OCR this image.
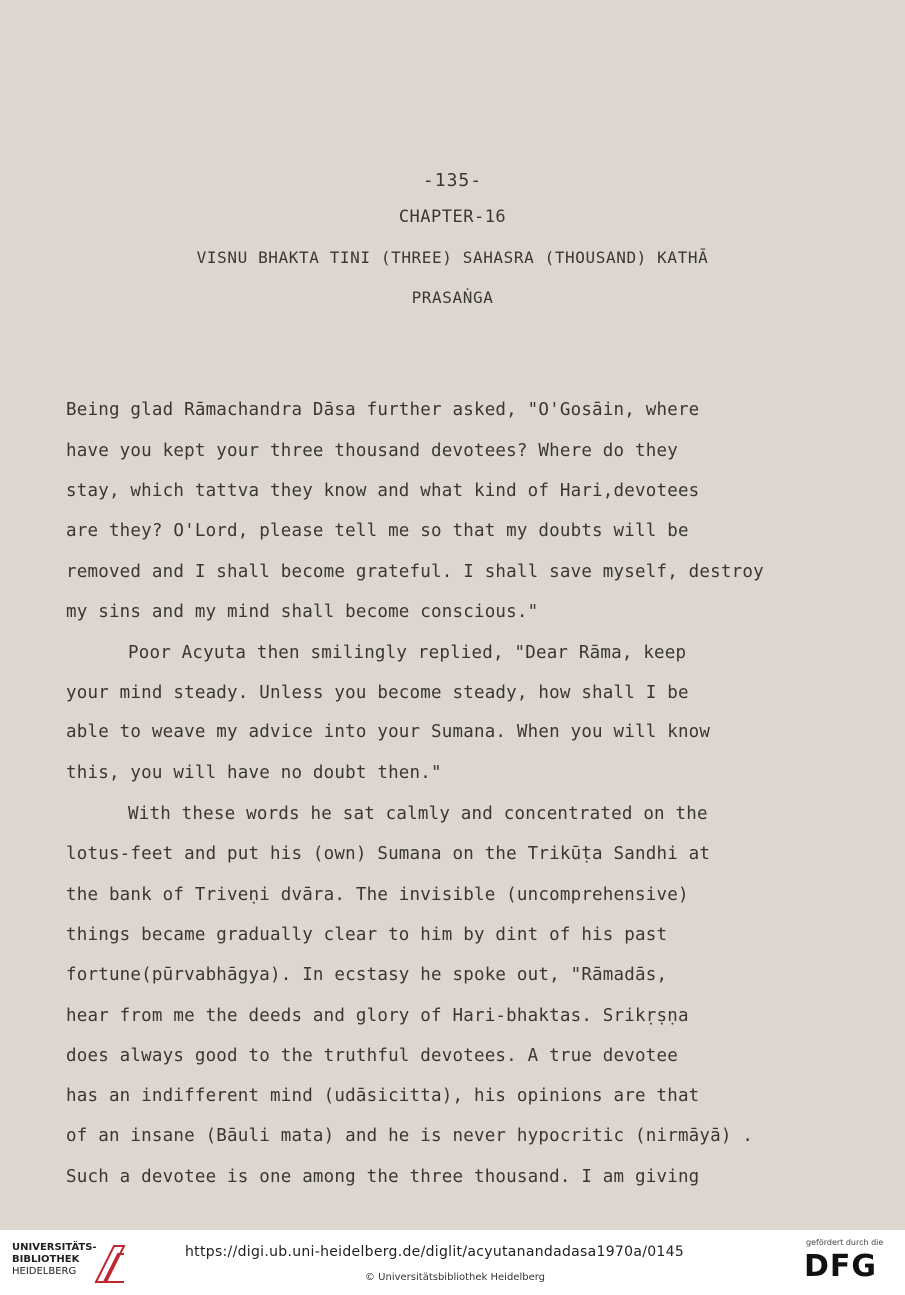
-135-
CHAPTER-16
VISNU BHAKTA TINI (THREE) SAHASRA (THOUSAND) KATHĀ
PRASAṄGA
Being glad Rāmachandra Dāsa further asked, "O'Gosāin, where
have you kept your three thousand devotees? Where do they
stay, which tattva they know and what kind of Hari,devotees
are they? O'Lord, please tell me so that my doubts will be
removed and I shall become grateful. I shall save myself, destroy
my sins and my mind shall become conscious."
Poor Acyuta then smilingly replied, "Dear Rāma, keep
your mind steady. Unless you become steady, how shall I be
able to weave my advice into your Sumana. When you will know
this, you will have no doubt then."
With these words he sat calmly and concentrated on the
lotus-feet and put his (own) Sumana on the Trikūṭa Sandhi at
the bank of Triveṇi dvāra. The invisible (uncomprehensive)
things became gradually clear to him by dint of his past
fortune(pūrvabhāgya). In ecstasy he spoke out, "Rāmadās,
hear from me the deeds and glory of Hari-bhaktas. Srikṛṣṇa
does always good to the truthful devotees. A true devotee
has an indifferent mind (udāsicitta), his opinions are that
of an insane (Bāuli mata) and he is never hypocritic (nirmāyā) .
Such a devotee is one among the three thousand. I am giving
UNIVERSITÄTS-
BIBLIOTHEK
HEIDELBERG
https://digi.ub.uni-heidelberg.de/diglit/acyutanandadasa1970a/0145
© Universitätsbibliothek Heidelberg
gefördert durch die
DFG
